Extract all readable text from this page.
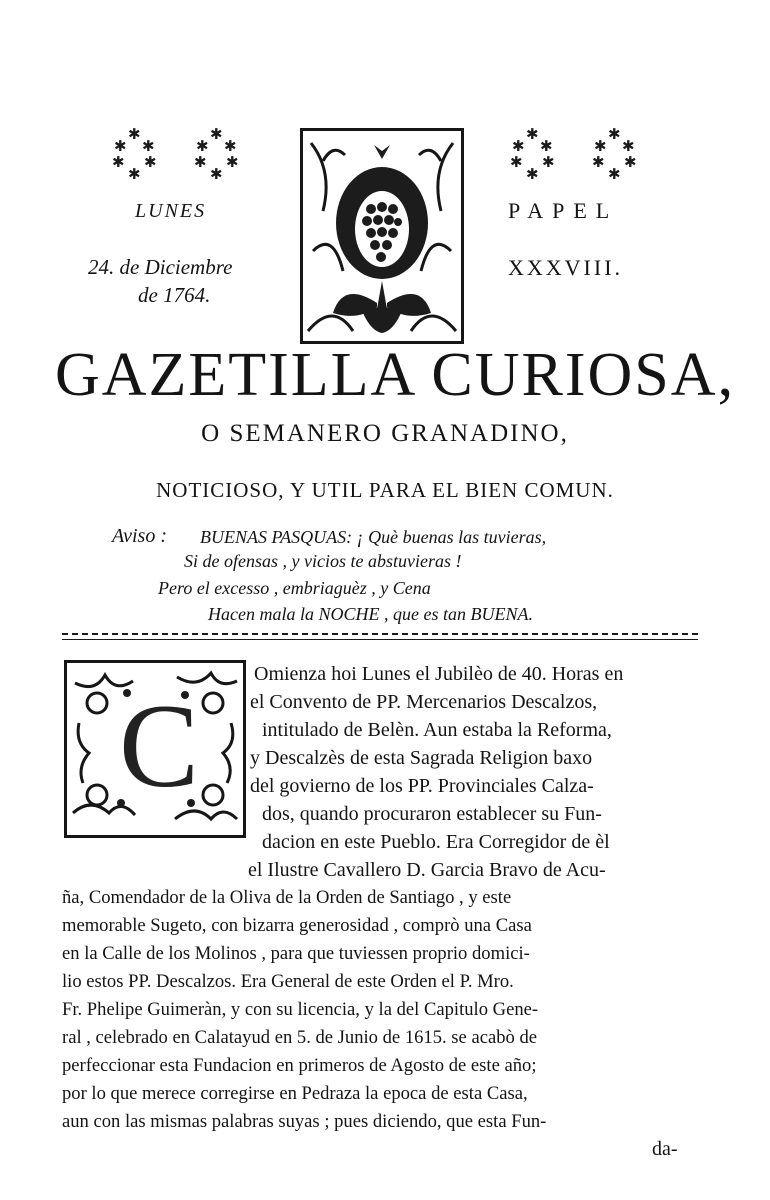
✱
✱ ✱
✱ ✱
✱
✱
✱ ✱
✱ ✱
✱
✱
✱ ✱
✱ ✱
✱
✱
✱ ✱
✱ ✱
✱
LUNES
24. de Diciembre
de 1764.
PAPEL
XXXVIII.
GAZETILLA CURIOSA,
O SEMANERO GRANADINO,
NOTICIOSO, Y UTIL PARA EL BIEN COMUN.
Aviso : BUENAS PASQUAS: ¡ Què buenas las tuvieras,
Si de ofensas , y vicios te abstuvieras !
Pero el excesso , embriaguèz , y Cena
Hacen mala la NOCHE , que es tan BUENA.
C
Omienza hoi Lunes el Jubilèo de 40. Horas en
el Convento de PP. Mercenarios Descalzos,
intitulado de Belèn. Aun estaba la Reforma,
y Descalzès de esta Sagrada Religion baxo
del govierno de los PP. Provinciales Calza-
dos, quando procuraron establecer su Fun-
dacion en este Pueblo. Era Corregidor de èl
el Ilustre Cavallero D. Garcia Bravo de Acu-
ña, Comendador de la Oliva de la Orden de Santiago , y este
memorable Sugeto, con bizarra generosidad , comprò una Casa
en la Calle de los Molinos , para que tuviessen proprio domici-
lio estos PP. Descalzos. Era General de este Orden el P. Mro.
Fr. Phelipe Guimeràn, y con su licencia, y la del Capitulo Gene-
ral , celebrado en Calatayud en 5. de Junio de 1615. se acabò de
perfeccionar esta Fundacion en primeros de Agosto de este año;
por lo que merece corregirse en Pedraza la epoca de esta Casa,
aun con las mismas palabras suyas ; pues diciendo, que esta Fun-
da-
